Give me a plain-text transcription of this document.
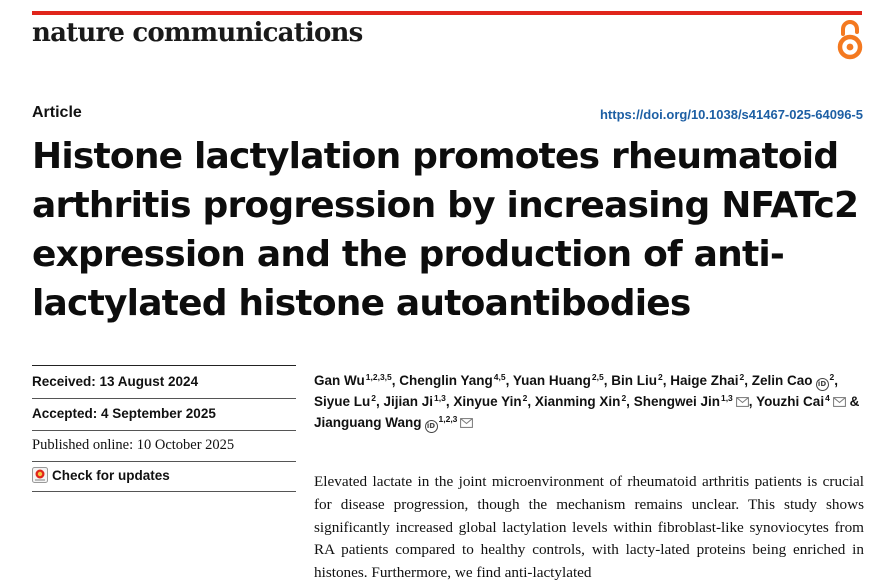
nature communications
Article	https://doi.org/10.1038/s41467-025-64096-5
Histone lactylation promotes rheumatoid arthritis progression by increasing NFATc2 expression and the production of anti-lactylated histone autoantibodies
Received: 13 August 2024
Accepted: 4 September 2025
Published online: 10 October 2025
Check for updates
Gan Wu$^{1,2,3,5}$, Chenglin Yang$^{4,5}$, Yuan Huang$^{2,5}$, Bin Liu$^2$, Haige Zhai$^2$, Zelin Cao $iD^2$, Siyue Lu$^2$, Jijian Ji$^{1,3}$, Xinyue Yin$^2$, Xianming Xin$^2$, Shengwei Jin$^{1,3}$ , Youzhi Cai$^4$ & Jianguang Wang iD$^{1,2,3}$

Elevated lactate in the joint microenvironment of rheumatoid arthritis patients is crucial for disease progression, though the mechanism remains unclear. This study shows significantly increased global lactylation levels within fibroblast-like synoviocytes from RA patients compared to healthy controls, with lacty-lated proteins being enriched in histones. Furthermore, we find anti-lactylated
